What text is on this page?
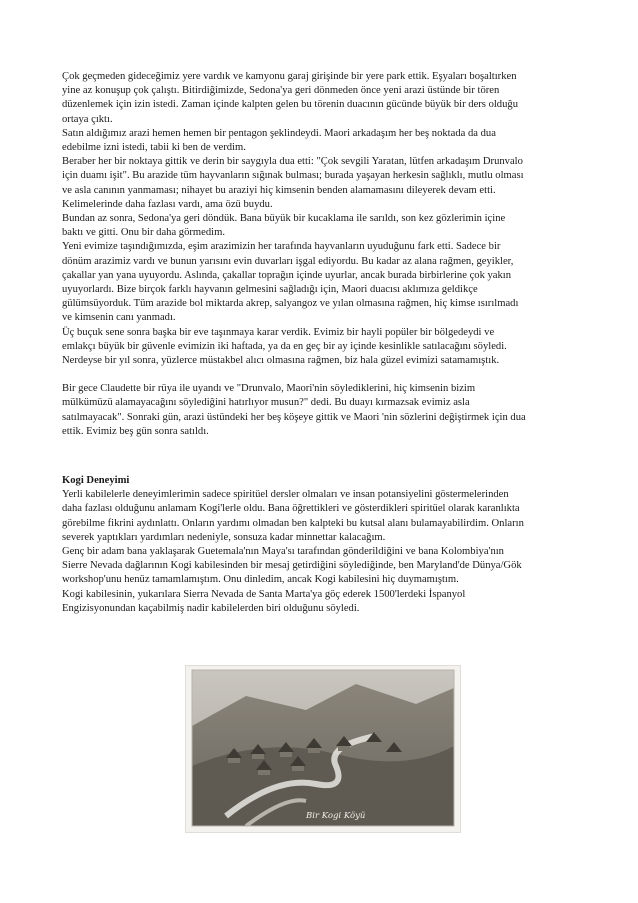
Çok geçmeden gideceğimiz yere vardık ve kamyonu garaj girişinde bir yere park ettik. Eşyaları boşaltırken
yine az konuşup çok çalıştı. Bitirdiğimizde, Sedona'ya geri dönmeden önce yeni arazi üstünde bir tören
düzenlemek için izin istedi. Zaman içinde kalpten gelen bu törenin duacının gücünde büyük bir ders olduğu
ortaya çıktı.
Satın aldığımız arazi hemen hemen bir pentagon şeklindeydi. Maori arkadaşım her beş noktada da dua
edebilme izni istedi, tabii ki ben de verdim.
Beraber her bir noktaya gittik ve derin bir saygıyla dua etti: "Çok sevgili Yaratan, lütfen arkadaşım Drunvalo
için duamı işit". Bu arazide tüm hayvanların sığınak bulması; burada yaşayan herkesin sağlıklı, mutlu olması
ve asla canının yanmaması; nihayet bu araziyi hiç kimsenin benden alamamasını dileyerek devam etti.
Kelimelerinde daha fazlası vardı, ama özü buydu.
Bundan az sonra, Sedona'ya geri döndük. Bana büyük bir kucaklama ile sarıldı, son kez gözlerimin içine
baktı ve gitti. Onu bir daha görmedim.
Yeni evimize taşındığımızda, eşim arazimizin her tarafında hayvanların uyuduğunu fark etti. Sadece bir
dönüm arazimiz vardı ve bunun yarısını evin duvarları işgal ediyordu. Bu kadar az alana rağmen, geyikler,
çakallar yan yana uyuyordu. Aslında, çakallar toprağın içinde uyurlar, ancak burada birbirlerine çok yakın
uyuyorlardı. Bize birçok farklı hayvanın gelmesini sağladığı için, Maori duacısı aklımıza geldikçe
gülümsüyorduk. Tüm arazide bol miktarda akrep, salyangoz ve yılan olmasına rağmen, hiç kimse ısırılmadı
ve kimsenin canı yanmadı.
Üç buçuk sene sonra başka bir eve taşınmaya karar verdik. Evimiz bir hayli popüler bir bölgedeydi ve
emlakçı büyük bir güvenle evimizin iki haftada, ya da en geç bir ay içinde kesinlikle satılacağını söyledi.
Nerdeyse bir yıl sonra, yüzlerce müstakbel alıcı olmasına rağmen, biz hala güzel evimizi satamamıştık.
Bir gece Claudette bir rüya ile uyandı ve "Drunvalo, Maori'nin söylediklerini, hiç kimsenin bizim
mülkümüzü alamayacağını söylediğini hatırlıyor musun?" dedi. Bu duayı kırmazsak evimiz asla
satılmayacak". Sonraki gün, arazi üstündeki her beş köşeye gittik ve Maori 'nin sözlerini değiştirmek için dua
ettik. Evimiz beş gün sonra satıldı.

Kogi Deneyimi

Yerli kabilelerle deneyimlerimin sadece spiritüel dersler olmaları ve insan potansiyelini göstermelerinden
daha fazlası olduğunu anlamam Kogi'lerle oldu. Bana öğrettikleri ve gösterdikleri spiritüel olarak karanlıkta
görebilme fikrini aydınlattı. Onların yardımı olmadan ben kalpteki bu kutsal alanı bulamayabilirdim. Onların
severek yaptıkları yardımları nedeniyle, sonsuza kadar minnettar kalacağım.
Genç bir adam bana yaklaşarak Guetemala'nın Maya'sı tarafından gönderildiğini ve bana Kolombiya'nın
Sierre Nevada dağlarının Kogi kabilesinden bir mesaj getirdiğini söylediğinde, ben Maryland'de Dünya/Gök
workshop'unu henüz tamamlamıştım. Onu dinledim, ancak Kogi kabilesini hiç duymamıştım.
Kogi kabilesinin, yukarılara Sierra Nevada de Santa Marta'ya göç ederek 1500'lerdeki İspanyol
Engizisyonundan kaçabilmiş nadir kabilelerden biri olduğunu söyledi.
Bir Kogi Köyü
